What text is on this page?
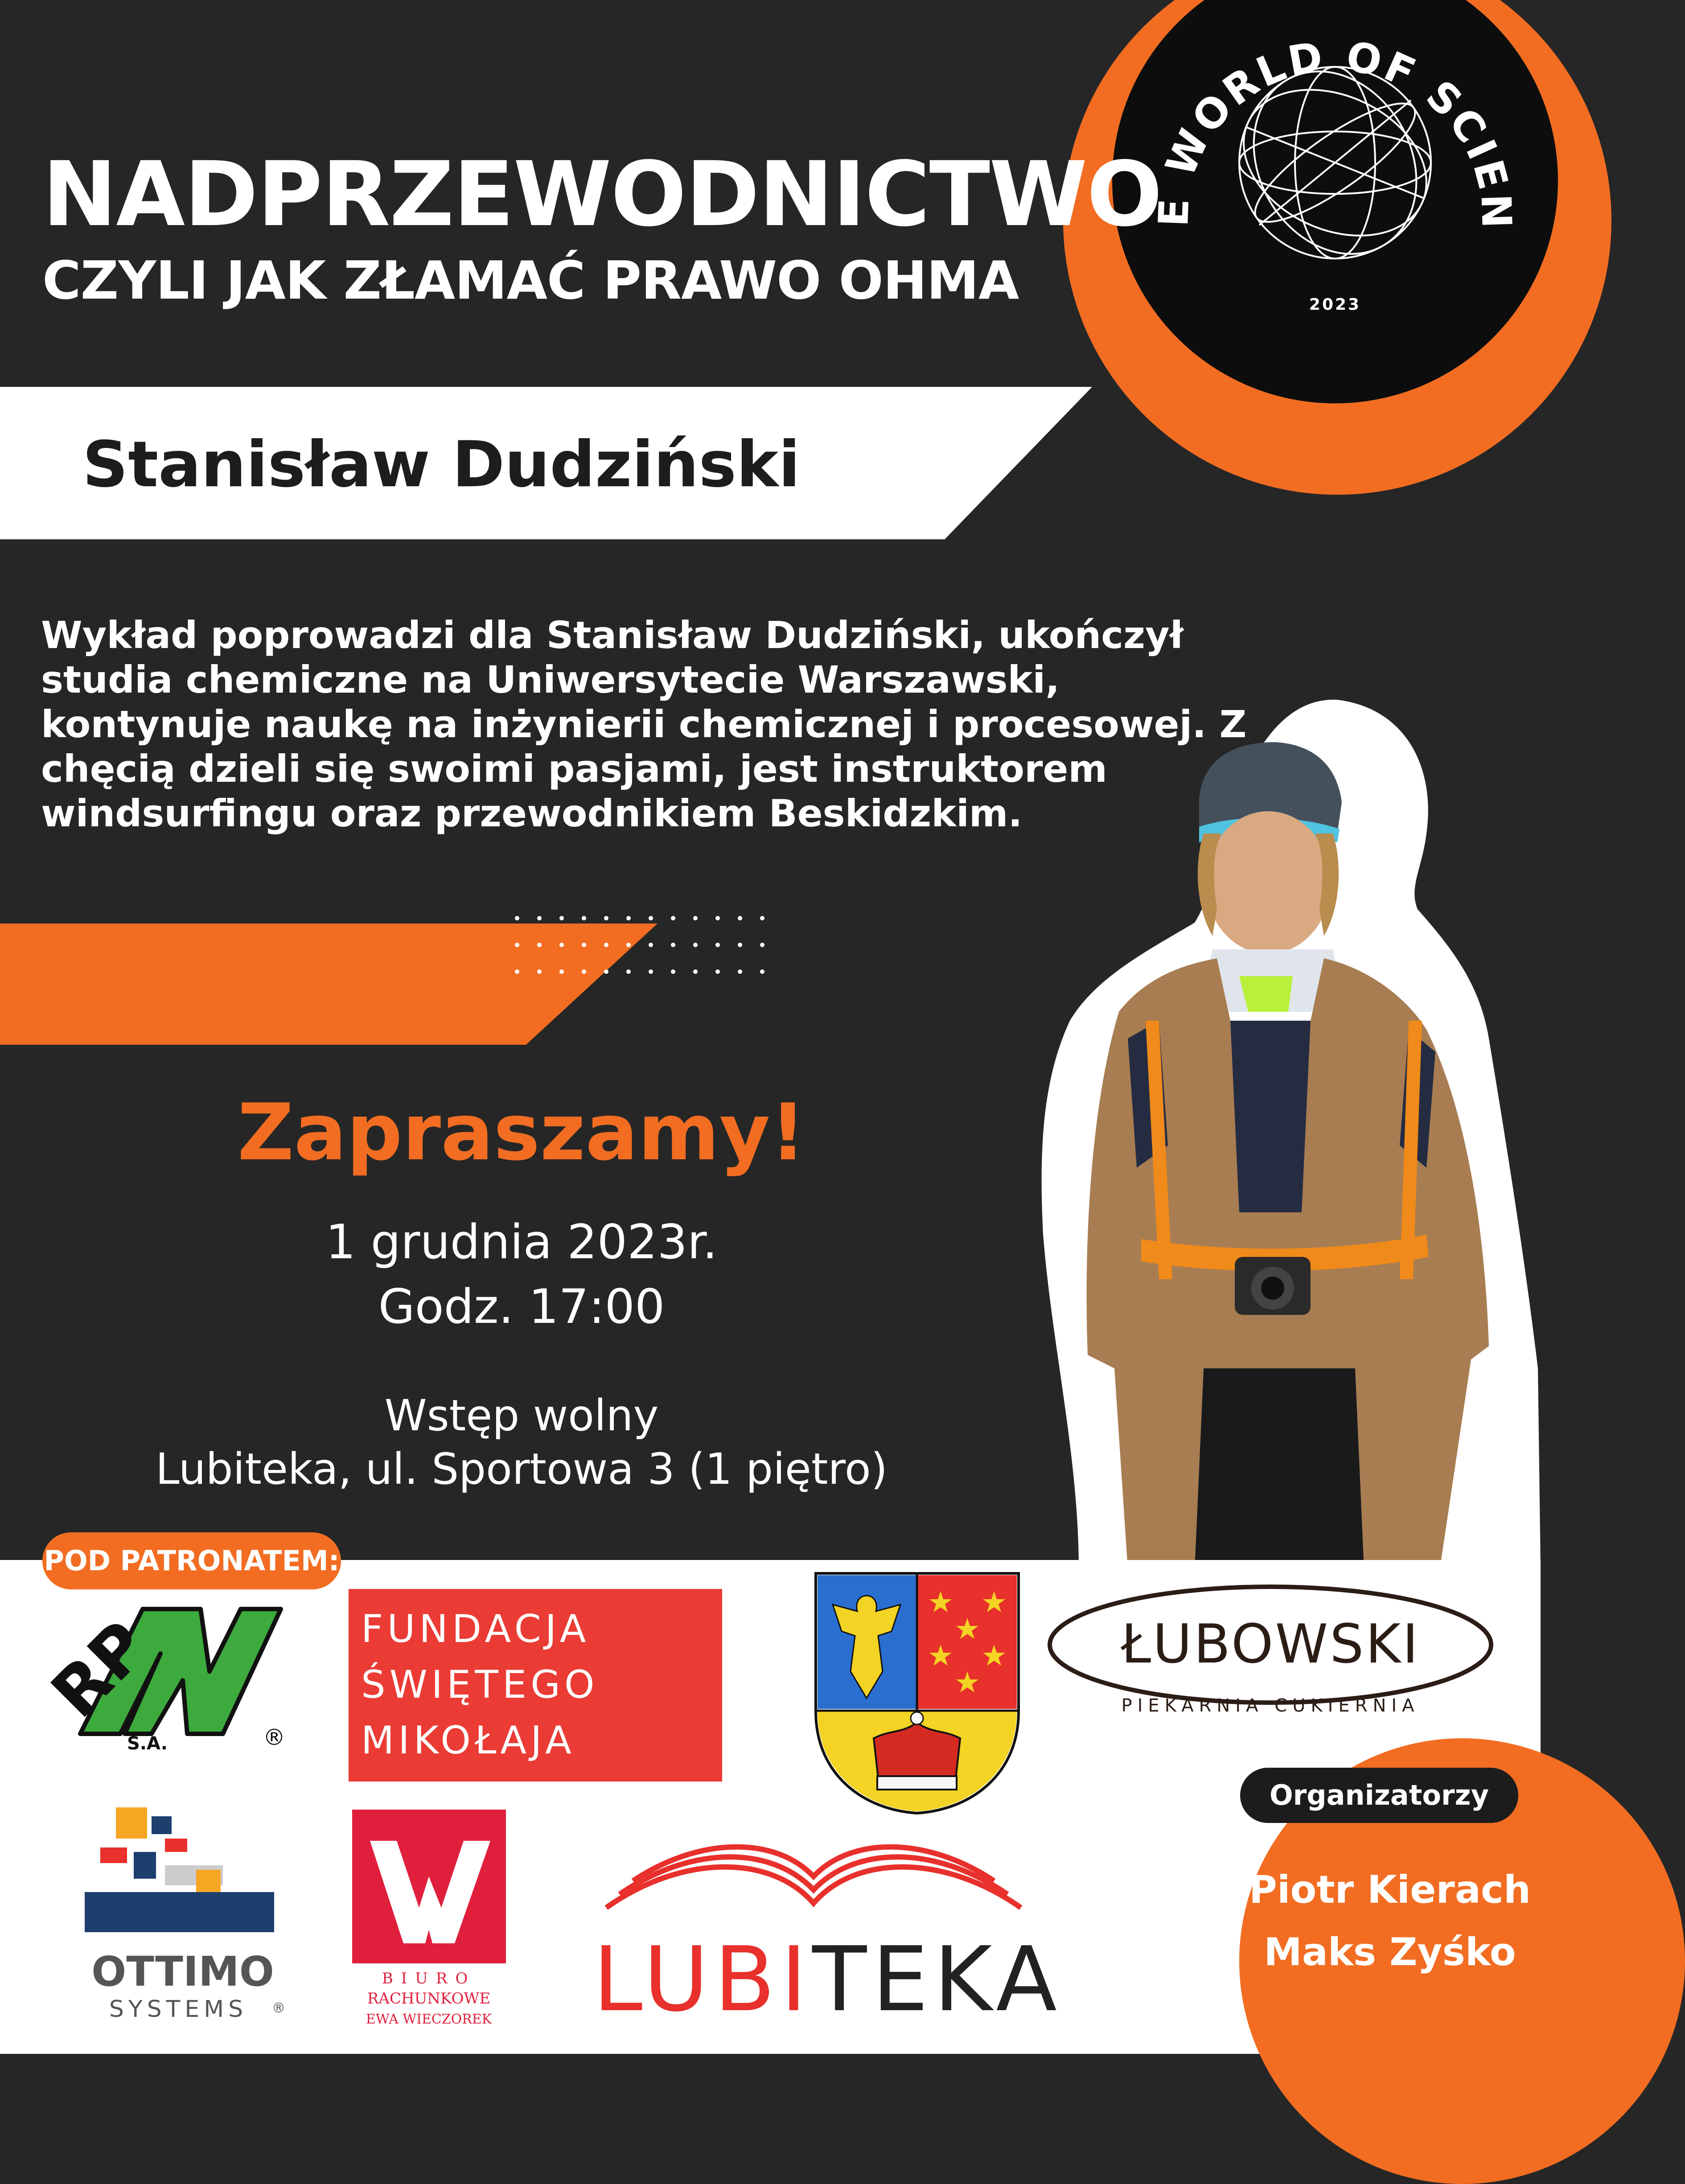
E WORLD OF SCIEN
2023
NADPRZEWODNICTWO
CZYLI JAK ZŁAMAĆ PRAWO OHMA
Stanisław Dudziński
Wykład poprowadzi dla Stanisław Dudziński, ukończył studia chemiczne na Uniwersytecie Warszawski, kontynuje naukę na inżynierii chemicznej i procesowej. Z chęcią dzieli się swoimi pasjami, jest instruktorem windsurfingu oraz przewodnikiem Beskidzkim.
Zapraszamy!
1 grudnia 2023r.
Godz. 17:00
Wstęp wolny
Lubiteka, ul. Sportowa 3 (1 piętro)
POD PATRONATEM:
RP
S.A.	®
FUNDACJA
ŚWIĘTEGO
MIKOŁAJA
ŁUBOWSKI
PIEKARNIA CUKIERNIA
OTTIMO
SYSTEMS ®
BIURO
RACHUNKOWE
EWA WIECZOREK LUBITEKA
Organizatorzy
Piotr Kierach
Maks Zyśko
